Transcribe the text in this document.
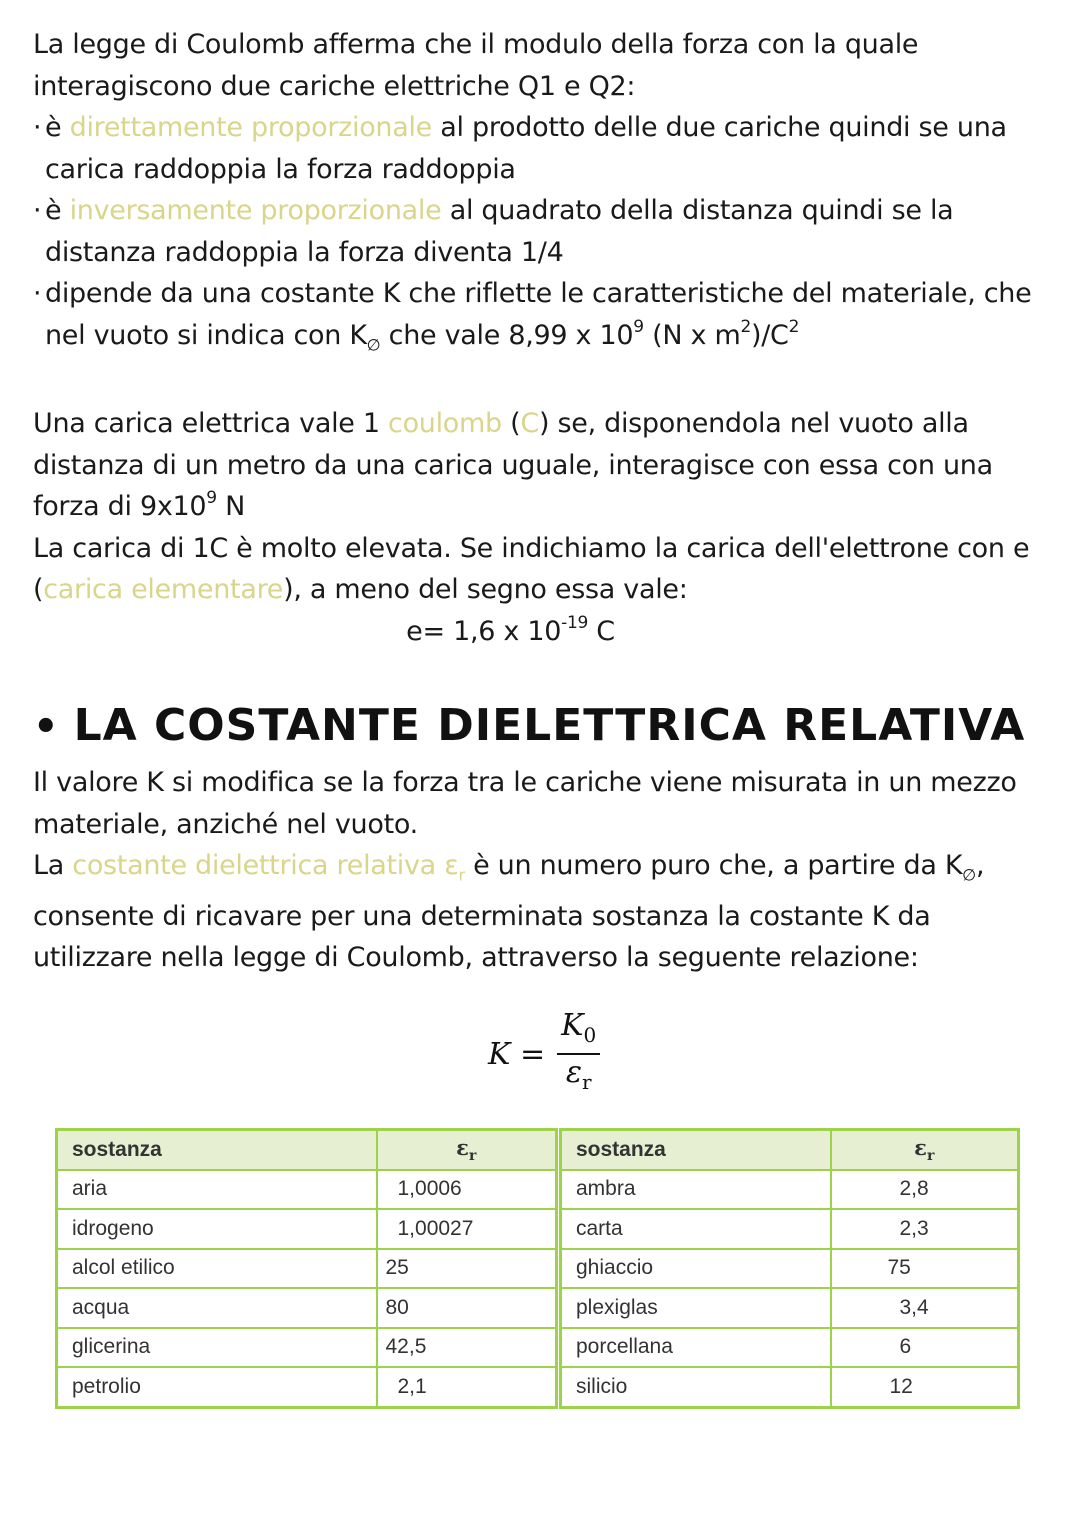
La legge di Coulomb afferma che il modulo della forza con la quale
interagiscono due cariche elettriche Q1 e Q2:
· è direttamente proporzionale al prodotto delle due cariche quindi se una
carica raddoppia la forza raddoppia
· è inversamente proporzionale al quadrato della distanza quindi se la
distanza raddoppia la forza diventa 1/4
· dipende da una costante K che riflette le caratteristiche del materiale, che
nel vuoto si indica con $K_\emptyset$ che vale 8,99 x $10^9$ (N x $m^2)/C^2$
Una carica elettrica vale 1 coulomb (C) se, disponendola nel vuoto alla
distanza di un metro da una carica uguale, interagisce con essa con una
forza di $9x10^9$ N
La carica di 1C è molto elevata. Se indichiamo la carica dell'elettrone con e
(carica elementare), a meno del segno essa vale:
e= 1,6 x $10^{-19}$ C
• LA COSTANTE DIELETTRICA RELATIVA
Il valore K si modifica se la forza tra le cariche viene misurata in un mezzo
materiale, anziché nel vuoto.
La costante dielettrica relativa $\varepsilon_r$ è un numero puro che, a partire da $K_\emptyset$,
consente di ricavare per una determinata sostanza la costante K da
utilizzare nella legge di Coulomb, attraverso la seguente relazione:
$K = \frac{K_0}{\varepsilon_r}$
sostanza	$\varepsilon_r$
aria	1,0006
idrogeno	1,00027
alcol etilico	25
acqua	80
glicerina	42,5
petrolio	2,1
sostanza	$\varepsilon_r$
ambra	2,8
carta	2,3
ghiaccio	75
plexiglas	3,4
porcellana	6
silicio	12
